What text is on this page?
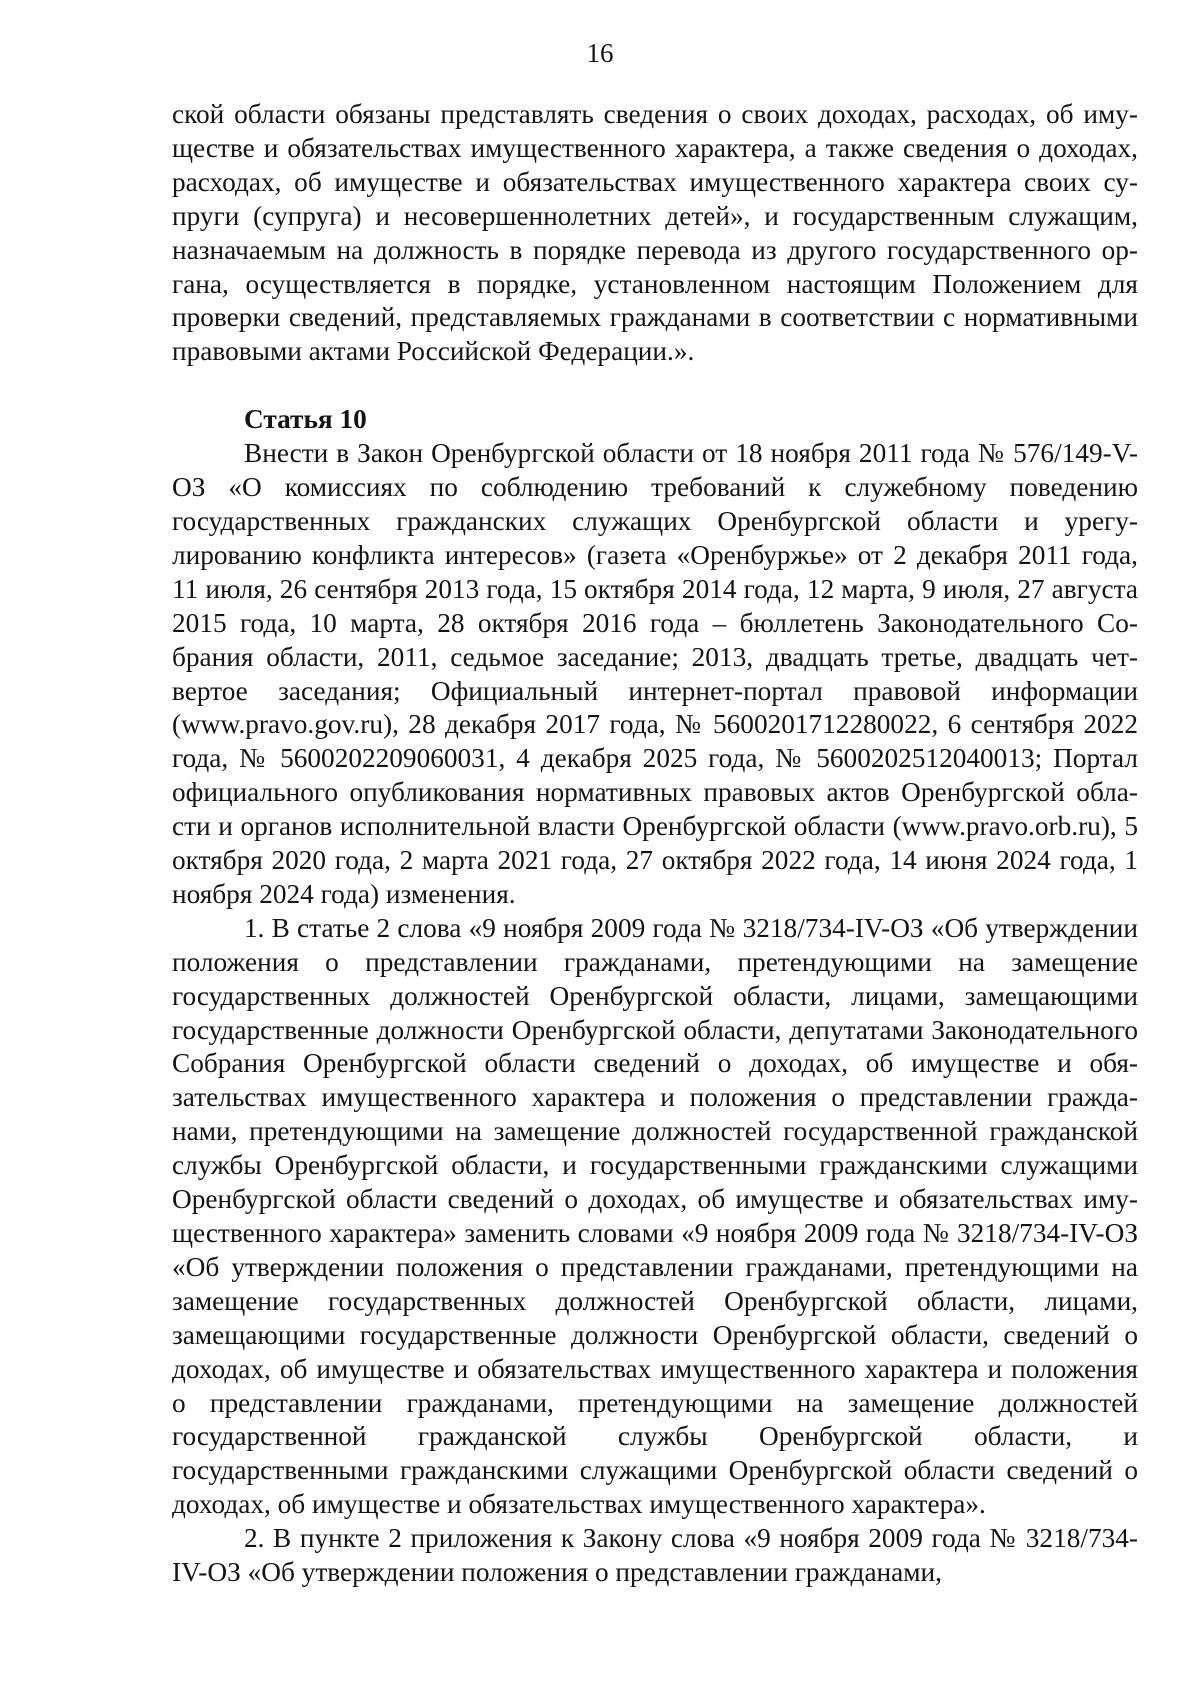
16

ской области обязаны представлять сведения о своих доходах, расходах, об имуществе и обязательствах имущественного характера, а также сведения о доходах, расходах, об имуществе и обязательствах имущественного характера своих супруги (супруга) и несовершеннолетних детей», и государственным служащим, назначаемым на должность в порядке перевода из другого государственного органа, осуществляется в порядке, установленном настоящим Положением для проверки сведений, представляемых гражданами в соответствии с нормативными правовыми актами Российской Федерации.».

Статья 10

Внести в Закон Оренбургской области от 18 ноября 2011 года № 576/149-V-ОЗ «О комиссиях по соблюдению требований к служебному поведению государственных гражданских служащих Оренбургской области и урегулированию конфликта интересов» (газета «Оренбуржье» от 2 декабря 2011 года, 11 июля, 26 сентября 2013 года, 15 октября 2014 года, 12 марта, 9 июля, 27 августа 2015 года, 10 марта, 28 октября 2016 года – бюллетень Законодательного Собрания области, 2011, седьмое заседание; 2013, двадцать третье, двадцать четвертое заседания; Официальный интернет-портал правовой информации (www.pravo.gov.ru), 28 декабря 2017 года, № 5600201712280022, 6 сентября 2022 года, № 5600202209060031, 4 декабря 2025 года, № 5600202512040013; Портал официального опубликования нормативных правовых актов Оренбургской области и органов исполнительной власти Оренбургской области (www.pravo.orb.ru), 5 октября 2020 года, 2 марта 2021 года, 27 октября 2022 года, 14 июня 2024 года, 1 ноября 2024 года) изменения.

1. В статье 2 слова «9 ноября 2009 года № 3218/734-IV-ОЗ «Об утверждении положения о представлении гражданами, претендующими на замещение государственных должностей Оренбургской области, лицами, замещающими государственные должности Оренбургской области, депутатами Законодательного Собрания Оренбургской области сведений о доходах, об имуществе и обязательствах имущественного характера и положения о представлении гражданами, претендующими на замещение должностей государственной гражданской службы Оренбургской области, и государственными гражданскими служащими Оренбургской области сведений о доходах, об имуществе и обязательствах имущественного характера» заменить словами «9 ноября 2009 года № 3218/734-IV-ОЗ «Об утверждении положения о представлении гражданами, претендующими на замещение государственных должностей Оренбургской области, лицами, замещающими государственные должности Оренбургской области, сведений о доходах, об имуществе и обязательствах имущественного характера и положения о представлении гражданами, претендующими на замещение должностей государственной гражданской службы Оренбургской области, и государственными гражданскими служащими Оренбургской области сведений о доходах, об имуществе и обязательствах имущественного характера».

2. В пункте 2 приложения к Закону слова «9 ноября 2009 года № 3218/734-IV-ОЗ «Об утверждении положения о представлении гражданами,
